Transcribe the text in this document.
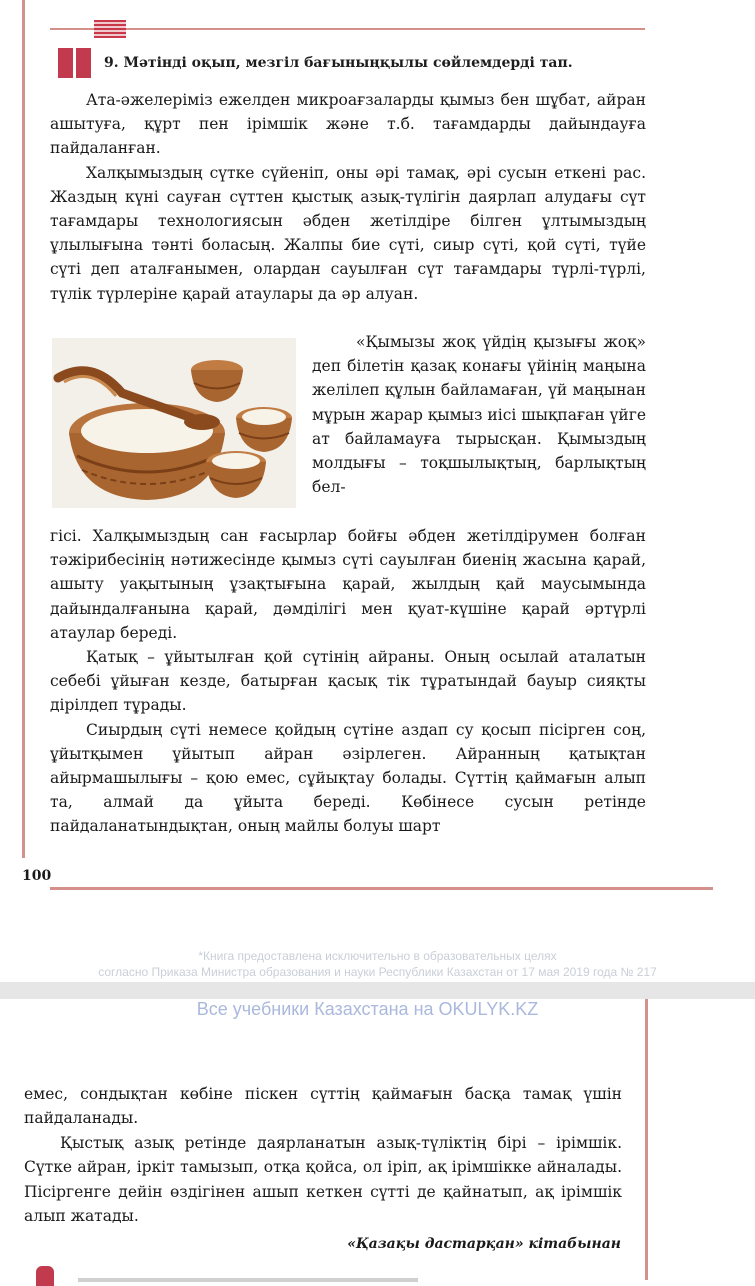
9. Мәтінді оқып, мезгіл бағыныңқылы сөйлемдерді тап.

Ата-әжелеріміз ежелден микроағзаларды қымыз бен шұбат, айран ашытуға, құрт пен ірімшік және т.б. тағамдарды дайындауға пайдаланған.

Халқымыздың сүтке сүйеніп, оны әрі тамақ, әрі сусын еткені рас. Жаздың күні сауған сүттен қыстық азық-түлігін даярлап алудағы сүт тағамдары технологиясын әбден жетілдіре білген ұлтымыздың ұлылығына тәнті боласың. Жалпы бие сүті, сиыр сүті, қой сүті, түйе сүті деп аталғанымен, олардан сауылған сүт тағамдары түрлі-түрлі, түлік түрлеріне қарай атаулары да әр алуан.

«Қымызы жоқ үйдің қызығы жоқ» деп білетін қазақ конағы үйінің маңына желілеп құлын байламаған, үй маңынан мұрын жарар қымыз иісі шықпаған үйге ат байламауға тырысқан. Қымыздың молдығы – тоқшылықтың, барлықтың бел-

гісі. Халқымыздың сан ғасырлар бойғы әбден жетілдірумен болған тәжірибесінің нәтижесінде қымыз сүті сауылған биенің жасына қарай, ашыту уақытының ұзақтығына қарай, жылдың қай маусымында дайындалғанына қарай, дәмділігі мен қуат-күшіне қарай әртүрлі атаулар береді.

Қатық – ұйытылған қой сүтінің айраны. Оның осылай аталатын себебі ұйыған кезде, батырған қасық тік тұратындай бауыр сияқты дірілдеп тұрады.

Сиырдың сүті немесе қойдың сүтіне аздап су қосып пісірген соң, ұйытқымен ұйытып айран әзірлеген. Айранның қатықтан айырмашылығы – қою емес, сұйықтау болады. Сүттің қаймағын алып та, алмай да ұйыта береді. Көбінесе сусын ретінде пайдаланатындықтан, оның майлы болуы шарт

100
*Книга предоставлена исключительно в образовательных целях
согласно Приказа Министра образования и науки Республики Казахстан от 17 мая 2019 года № 217
Все учебники Казахстана на OKULYK.KZ

емес, сондықтан көбіне піскен сүттің қаймағын басқа тамақ үшін пайдаланады.

Қыстық азық ретінде даярланатын азық-түліктің бірі – ірімшік. Сүтке айран, іркіт тамызып, отқа қойса, ол іріп, ақ ірімшікке айналады. Пісіргенге дейін өздігінен ашып кеткен сүтті де қайнатып, ақ ірімшік алып жатады.

«Қазақы дастарқан» кітабынан
